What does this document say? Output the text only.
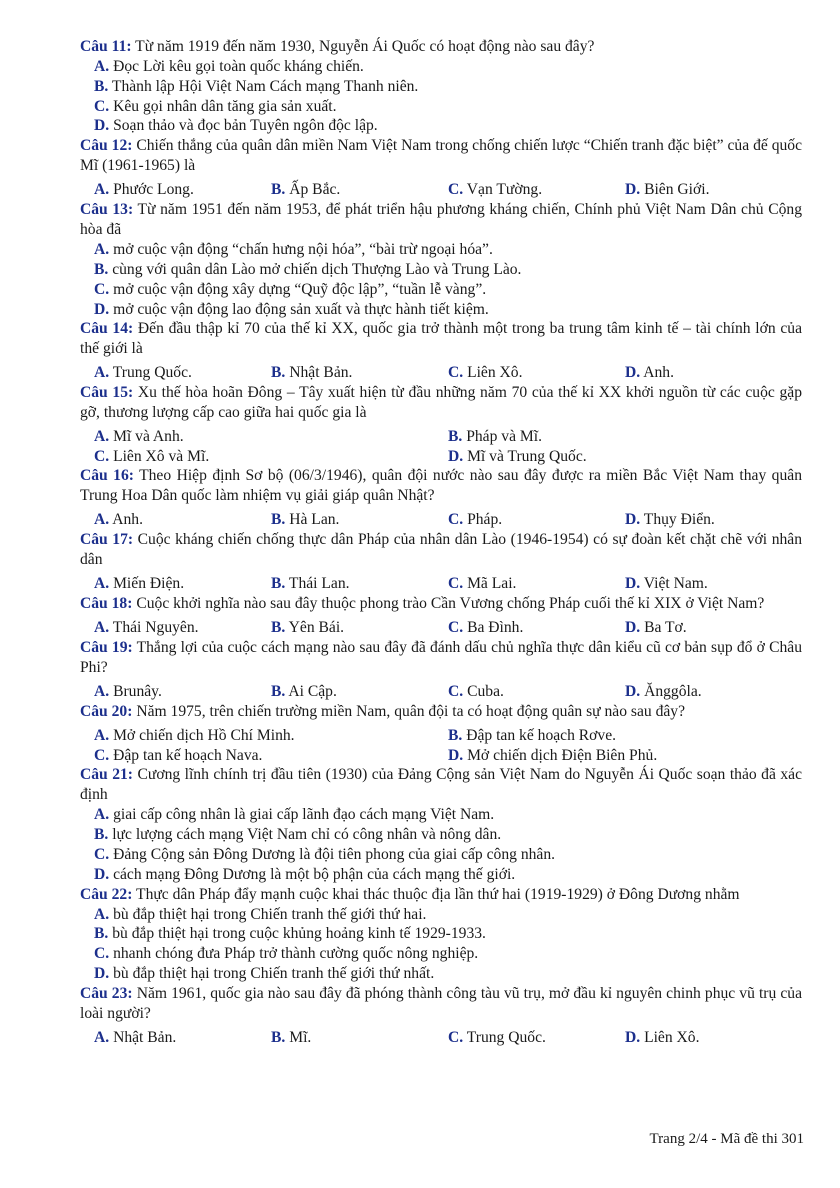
Câu 11: Từ năm 1919 đến năm 1930, Nguyễn Ái Quốc có hoạt động nào sau đây?
A. Đọc Lời kêu gọi toàn quốc kháng chiến.
B. Thành lập Hội Việt Nam Cách mạng Thanh niên.
C. Kêu gọi nhân dân tăng gia sản xuất.
D. Soạn thảo và đọc bản Tuyên ngôn độc lập.
Câu 12: Chiến thắng của quân dân miền Nam Việt Nam trong chống chiến lược “Chiến tranh đặc biệt” của đế quốc Mĩ (1961-1965) là
A. Phước Long.	B. Ấp Bắc.	C. Vạn Tường.	D. Biên Giới.
Câu 13: Từ năm 1951 đến năm 1953, để phát triển hậu phương kháng chiến, Chính phủ Việt Nam Dân chủ Cộng hòa đã
A. mở cuộc vận động “chấn hưng nội hóa”, “bài trừ ngoại hóa”.
B. cùng với quân dân Lào mở chiến dịch Thượng Lào và Trung Lào.
C. mở cuộc vận động xây dựng “Quỹ độc lập”, “tuần lễ vàng”.
D. mở cuộc vận động lao động sản xuất và thực hành tiết kiệm.
Câu 14: Đến đầu thập kỉ 70 của thế kỉ XX, quốc gia trở thành một trong ba trung tâm kinh tế – tài chính lớn của thế giới là
A. Trung Quốc.	B. Nhật Bản.	C. Liên Xô.	D. Anh.
Câu 15: Xu thế hòa hoãn Đông – Tây xuất hiện từ đầu những năm 70 của thế kỉ XX khởi nguồn từ các cuộc gặp gỡ, thương lượng cấp cao giữa hai quốc gia là
A. Mĩ và Anh.	B. Pháp và Mĩ.
C. Liên Xô và Mĩ.	D. Mĩ và Trung Quốc.
Câu 16: Theo Hiệp định Sơ bộ (06/3/1946), quân đội nước nào sau đây được ra miền Bắc Việt Nam thay quân Trung Hoa Dân quốc làm nhiệm vụ giải giáp quân Nhật?
A. Anh.	B. Hà Lan.	C. Pháp.	D. Thụy Điển.
Câu 17: Cuộc kháng chiến chống thực dân Pháp của nhân dân Lào (1946-1954) có sự đoàn kết chặt chẽ với nhân dân
A. Miến Điện.	B. Thái Lan.	C. Mã Lai.	D. Việt Nam.
Câu 18: Cuộc khởi nghĩa nào sau đây thuộc phong trào Cần Vương chống Pháp cuối thế kỉ XIX ở Việt Nam?
A. Thái Nguyên.	B. Yên Bái.	C. Ba Đình.	D. Ba Tơ.
Câu 19: Thắng lợi của cuộc cách mạng nào sau đây đã đánh dấu chủ nghĩa thực dân kiểu cũ cơ bản sụp đổ ở Châu Phi?
A. Brunây.	B. Ai Cập.	C. Cuba.	D. Ănggôla.
Câu 20: Năm 1975, trên chiến trường miền Nam, quân đội ta có hoạt động quân sự nào sau đây?
A. Mở chiến dịch Hồ Chí Minh.	B. Đập tan kế hoạch Rơve.
C. Đập tan kế hoạch Nava.	D. Mở chiến dịch Điện Biên Phủ.
Câu 21: Cương lĩnh chính trị đầu tiên (1930) của Đảng Cộng sản Việt Nam do Nguyễn Ái Quốc soạn thảo đã xác định
A. giai cấp công nhân là giai cấp lãnh đạo cách mạng Việt Nam.
B. lực lượng cách mạng Việt Nam chỉ có công nhân và nông dân.
C. Đảng Cộng sản Đông Dương là đội tiên phong của giai cấp công nhân.
D. cách mạng Đông Dương là một bộ phận của cách mạng thế giới.
Câu 22: Thực dân Pháp đẩy mạnh cuộc khai thác thuộc địa lần thứ hai (1919-1929) ở Đông Dương nhằm
A. bù đắp thiệt hại trong Chiến tranh thế giới thứ hai.
B. bù đắp thiệt hại trong cuộc khủng hoảng kinh tế 1929-1933.
C. nhanh chóng đưa Pháp trở thành cường quốc nông nghiệp.
D. bù đắp thiệt hại trong Chiến tranh thế giới thứ nhất.
Câu 23: Năm 1961, quốc gia nào sau đây đã phóng thành công tàu vũ trụ, mở đầu kỉ nguyên chinh phục vũ trụ của loài người?
A. Nhật Bản.	B. Mĩ.	C. Trung Quốc.	D. Liên Xô.
Trang 2/4 - Mã đề thi 301
